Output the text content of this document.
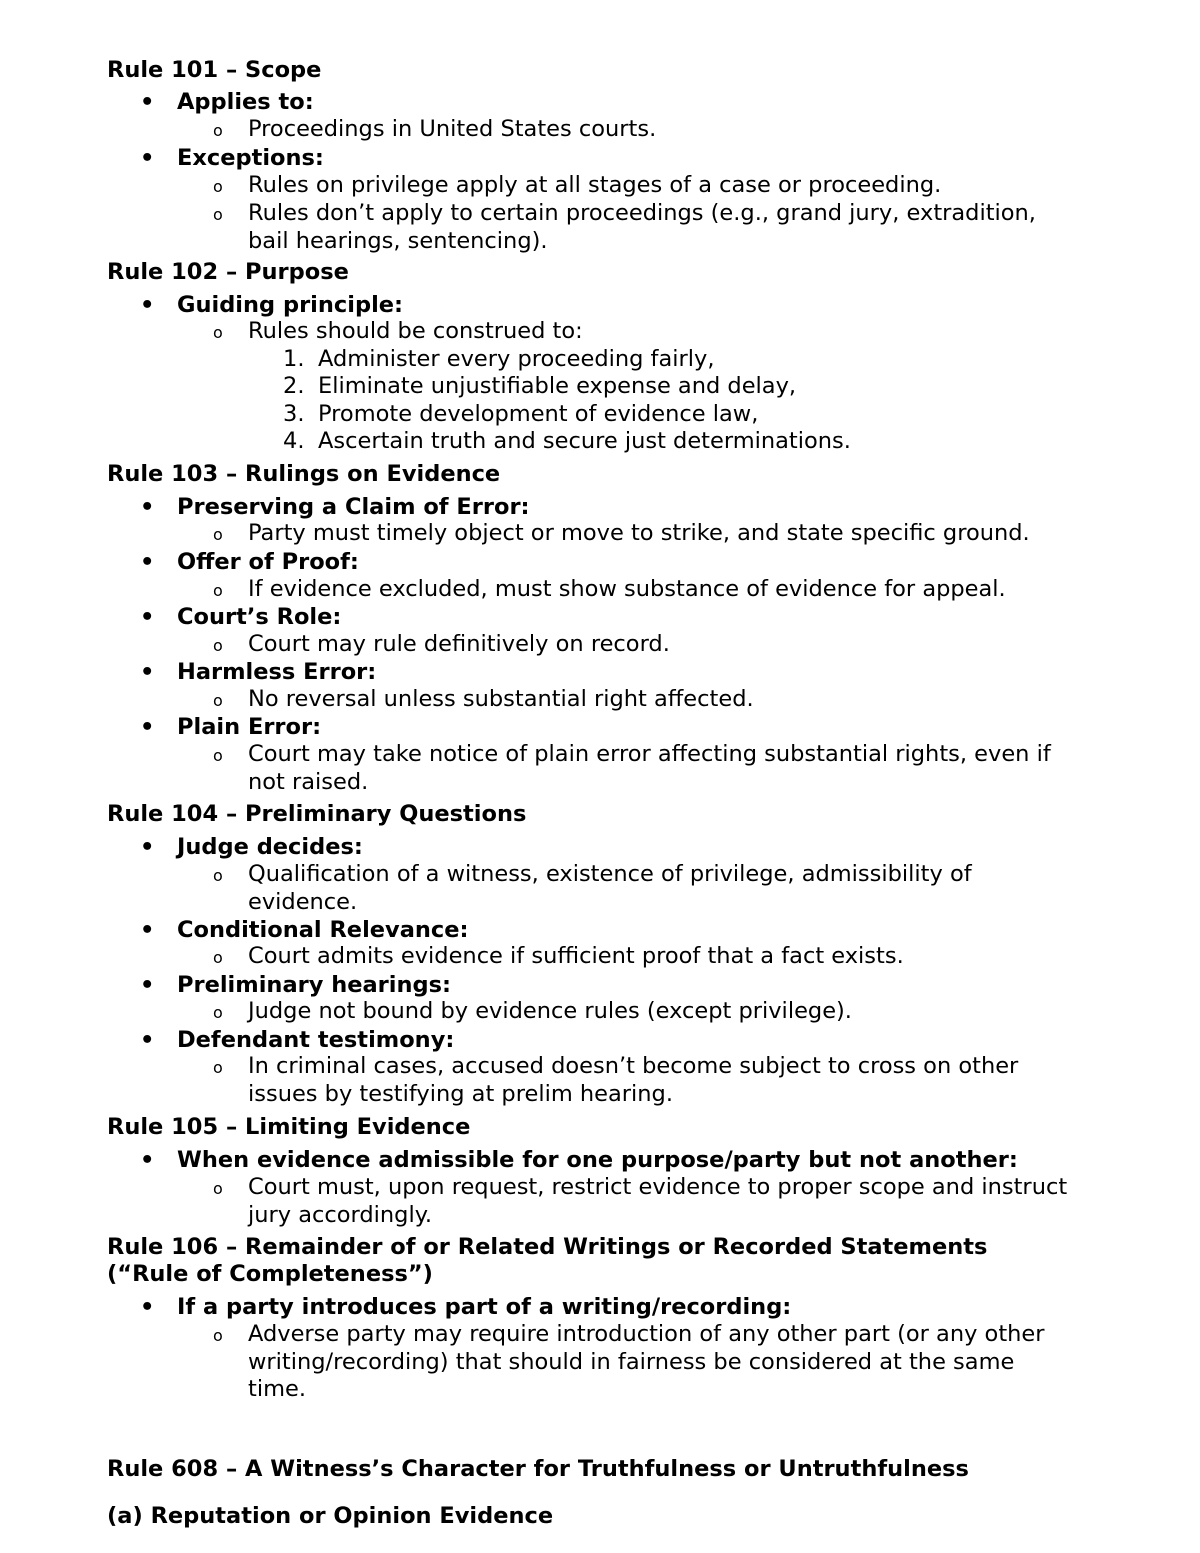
Rule 101 – Scope
• Applies to:
o Proceedings in United States courts.
• Exceptions:
o Rules on privilege apply at all stages of a case or proceeding.
o Rules don’t apply to certain proceedings (e.g., grand jury, extradition,
bail hearings, sentencing).
Rule 102 – Purpose
• Guiding principle:
o Rules should be construed to:
1. Administer every proceeding fairly,
2. Eliminate unjustifiable expense and delay,
3. Promote development of evidence law,
4. Ascertain truth and secure just determinations.
Rule 103 – Rulings on Evidence
• Preserving a Claim of Error:
o Party must timely object or move to strike, and state specific ground.
• Offer of Proof:
o If evidence excluded, must show substance of evidence for appeal.
• Court’s Role:
o Court may rule definitively on record.
• Harmless Error:
o No reversal unless substantial right affected.
• Plain Error:
o Court may take notice of plain error affecting substantial rights, even if
not raised.
Rule 104 – Preliminary Questions
• Judge decides:
o Qualification of a witness, existence of privilege, admissibility of
evidence.
• Conditional Relevance:
o Court admits evidence if sufficient proof that a fact exists.
• Preliminary hearings:
o Judge not bound by evidence rules (except privilege).
• Defendant testimony:
o In criminal cases, accused doesn’t become subject to cross on other
issues by testifying at prelim hearing.
Rule 105 – Limiting Evidence
• When evidence admissible for one purpose/party but not another:
o Court must, upon request, restrict evidence to proper scope and instruct
jury accordingly.
Rule 106 – Remainder of or Related Writings or Recorded Statements
(“Rule of Completeness”)
• If a party introduces part of a writing/recording:
o Adverse party may require introduction of any other part (or any other
writing/recording) that should in fairness be considered at the same
time.
Rule 608 – A Witness’s Character for Truthfulness or Untruthfulness
(a) Reputation or Opinion Evidence
